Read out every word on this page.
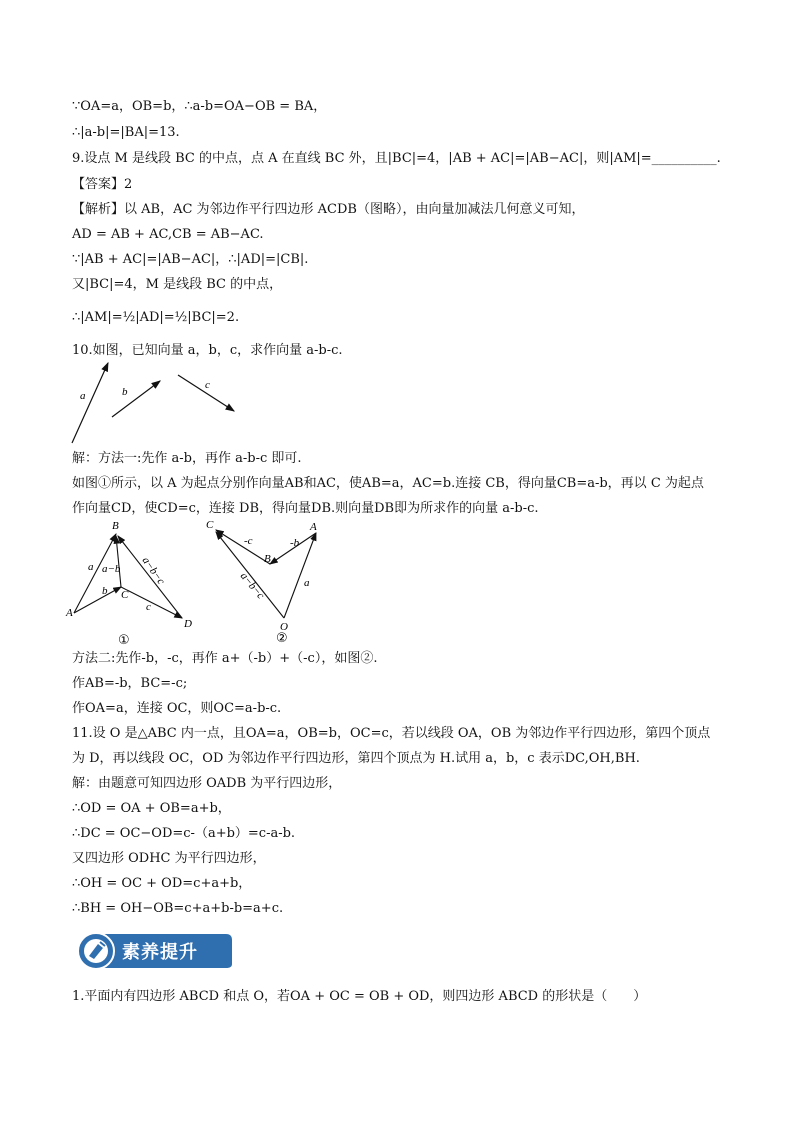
∵OA=a，OB=b，∴a-b=OA−OB = BA，
∴|a-b|=|BA|=13.
9.设点 M 是线段 BC 的中点，点 A 在直线 BC 外，且|BC|=4，|AB + AC|=|AB−AC|，则|AM|=__________.
【答案】2
【解析】以 AB，AC 为邻边作平行四边形 ACDB（图略），由向量加减法几何意义可知，
AD = AB + AC,CB = AB−AC.
∵|AB + AC|=|AB−AC|，∴|AD|=|CB|.
又|BC|=4，M 是线段 BC 的中点，
∴|AM|=½|AD|=½|BC|=2.
10.如图，已知向量 a，b，c，求作向量 a-b-c.
解：方法一:先作 a-b，再作 a-b-c 即可.
如图①所示，以 A 为起点分别作向量AB和AC，使AB=a，AC=b.连接 CB，得向量CB=a-b，再以 C 为起点
作向量CD，使CD=c，连接 DB，得向量DB.则向量DB即为所求作的向量 a-b-c.
方法二:先作-b，-c，再作 a+（-b）+（-c），如图②.
作AB=-b，BC=-c;
作OA=a，连接 OC，则OC=a-b-c.
11.设 O 是△ABC 内一点，且OA=a，OB=b，OC=c，若以线段 OA，OB 为邻边作平行四边形，第四个顶点
为 D，再以线段 OC，OD 为邻边作平行四边形，第四个顶点为 H.试用 a，b，c 表示DC,OH,BH.
解：由题意可知四边形 OADB 为平行四边形，
∴OD = OA + OB=a+b，
∴DC = OC−OD=c-（a+b）=c-a-b.
又四边形 ODHC 为平行四边形，
∴OH = OC + OD=c+a+b，
∴BH = OH−OB=c+a+b-b=a+c.
1.平面内有四边形 ABCD 和点 O，若OA + OC = OB + OD，则四边形 ABCD 的形状是（　　）
a	b
c
B
A
C
D
a a−b
b
c
a−b−c
①
C
B
A
O
-c	-b
a
a−b−c
②
素养提升
